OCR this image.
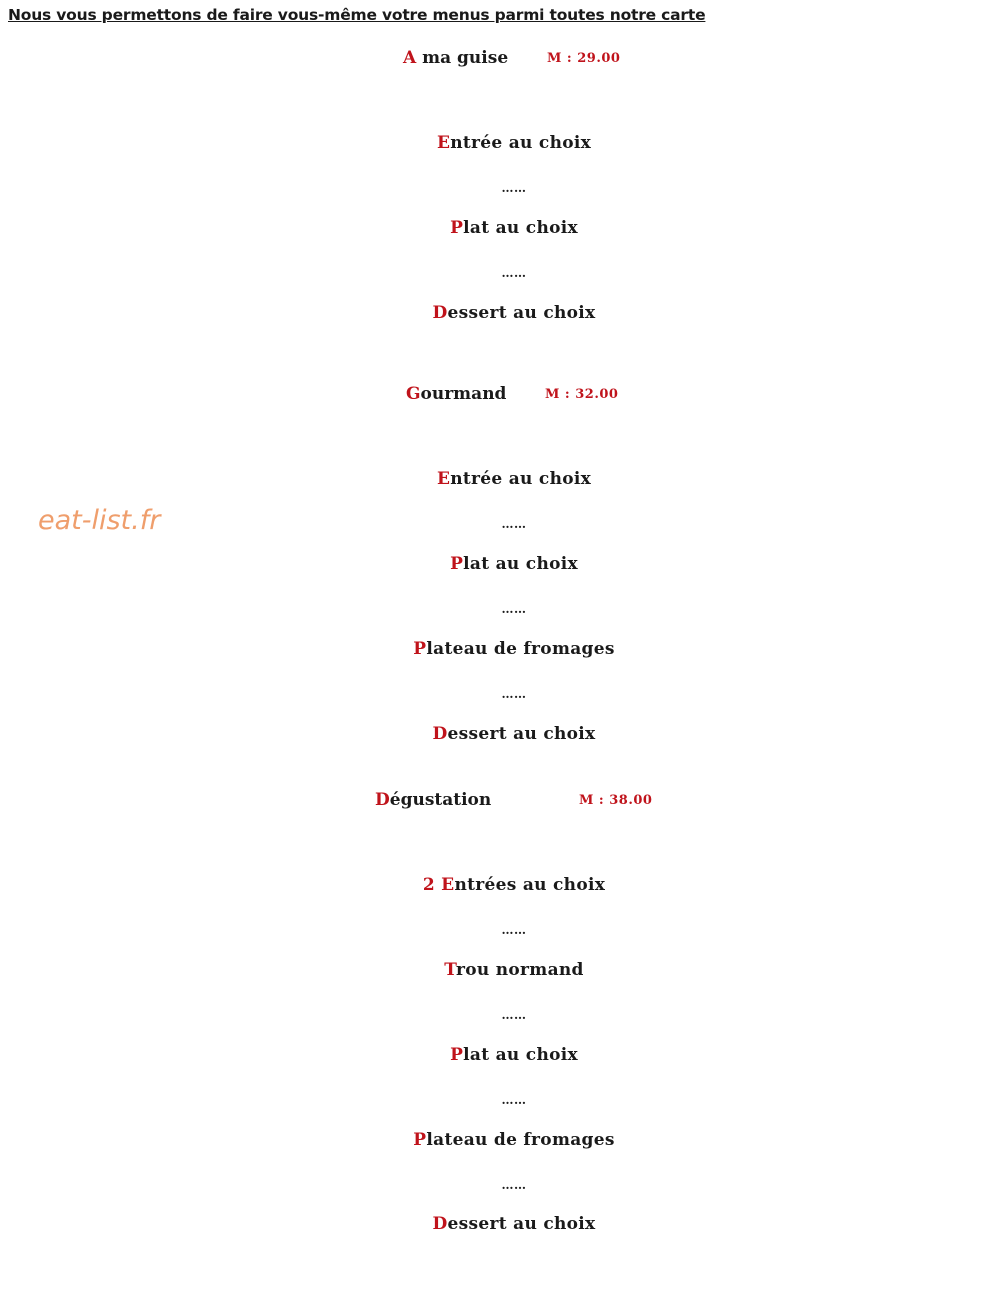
Nous vous permettons de faire vous-même votre menus parmi toutes notre carte
eat-list.fr
A ma guise	M : 29.00
Entrée au choix
……
Plat au choix
……
Dessert au choix
Gourmand	M : 32.00
Entrée au choix
……
Plat au choix
……
Plateau de fromages
……
Dessert au choix
Dégustation	M : 38.00
2 Entrées au choix
……
Trou normand
……
Plat au choix
……
Plateau de fromages
……
Dessert au choix
